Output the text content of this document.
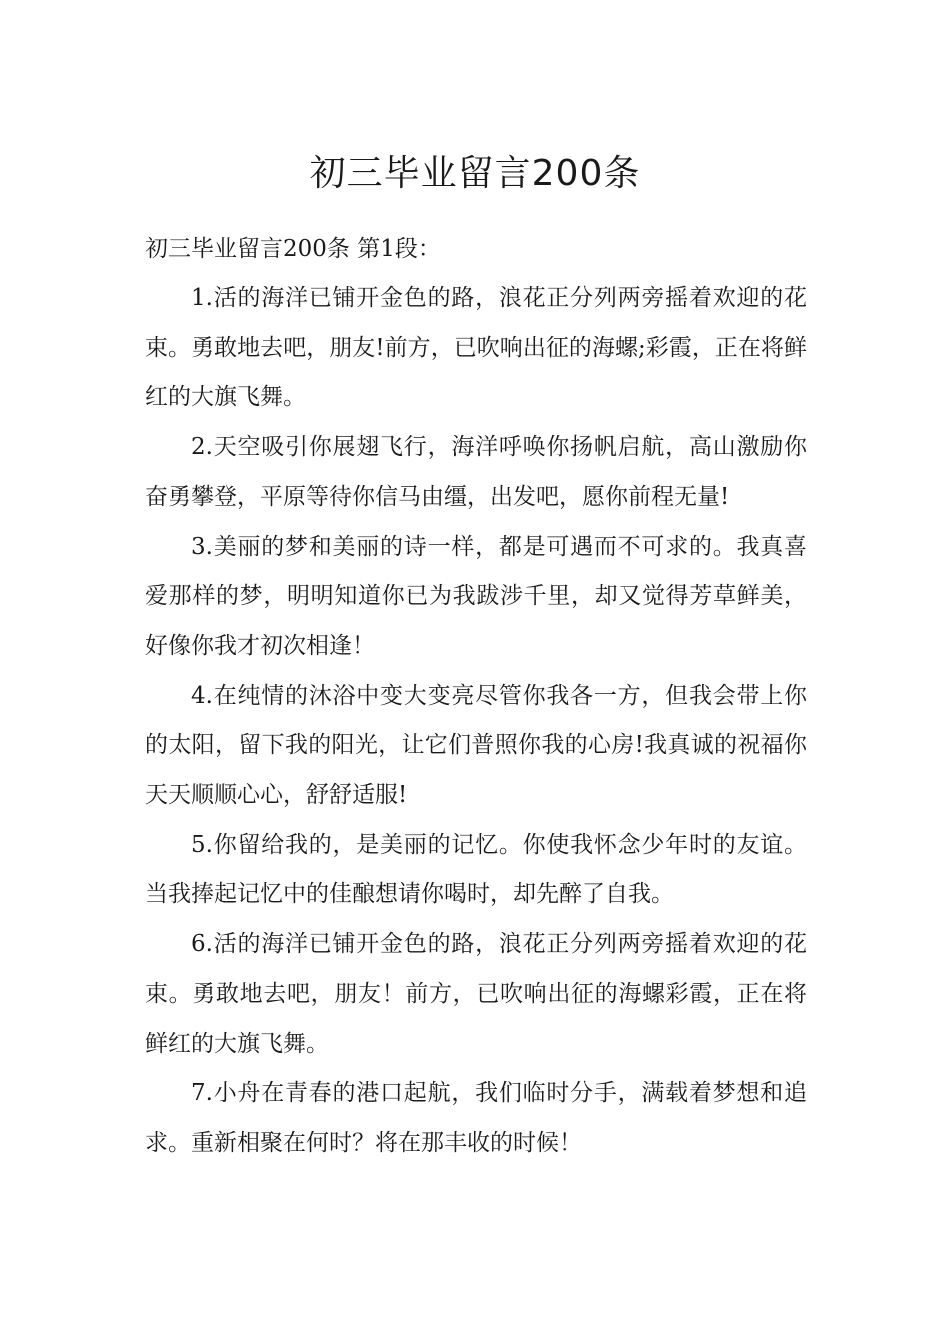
初三毕业留言200条

初三毕业留言200条 第1段：

1.活的海洋已铺开金色的路，浪花正分列两旁摇着欢迎的花束。勇敢地去吧，朋友!前方，已吹响出征的海螺;彩霞，正在将鲜红的大旗飞舞。

2.天空吸引你展翅飞行，海洋呼唤你扬帆启航，高山激励你奋勇攀登，平原等待你信马由缰，出发吧，愿你前程无量!

3.美丽的梦和美丽的诗一样，都是可遇而不可求的。我真喜爱那样的梦，明明知道你已为我跋涉千里，却又觉得芳草鲜美，好像你我才初次相逢！

4.在纯情的沐浴中变大变亮尽管你我各一方，但我会带上你的太阳，留下我的阳光，让它们普照你我的心房!我真诚的祝福你天天顺顺心心，舒舒适服!

5.你留给我的，是美丽的记忆。你使我怀念少年时的友谊。当我捧起记忆中的佳酿想请你喝时，却先醉了自我。

6.活的海洋已铺开金色的路，浪花正分列两旁摇着欢迎的花束。勇敢地去吧，朋友！前方，已吹响出征的海螺彩霞，正在将鲜红的大旗飞舞。

7.小舟在青春的港口起航，我们临时分手，满载着梦想和追求。重新相聚在何时？将在那丰收的时候！
